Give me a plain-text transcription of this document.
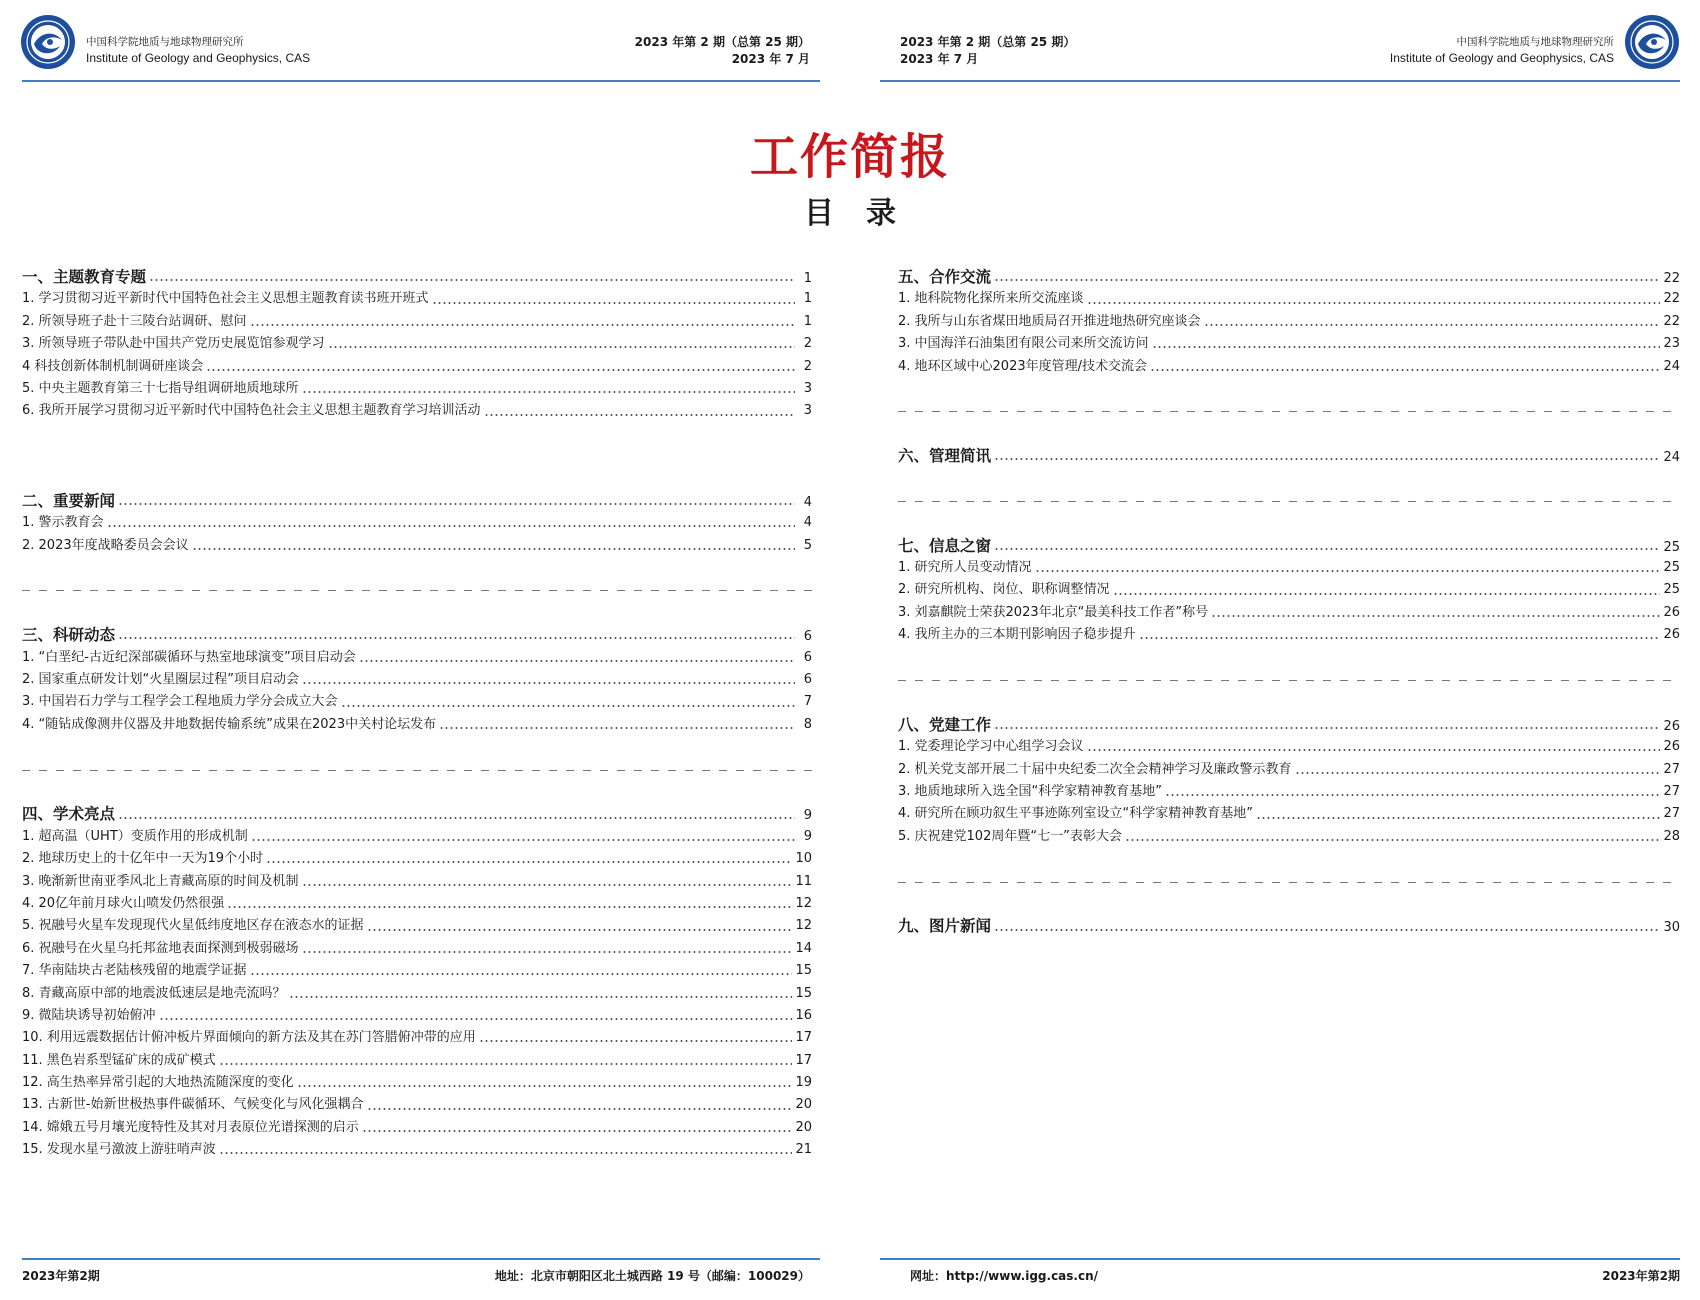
中国科学院地质与地球物理研究所
Institute of Geology and Geophysics, CAS
2023 年第 2 期（总第 25 期）
2023 年 7 月
2023 年第 2 期（总第 25 期）
2023 年 7 月
中国科学院地质与地球物理研究所
Institute of Geology and Geophysics, CAS
工作简报
目 录
一、主题教育专题	1
1. 学习贯彻习近平新时代中国特色社会主义思想主题教育读书班开班式	1
2. 所领导班子赴十三陵台站调研、慰问	1
3. 所领导班子带队赴中国共产党历史展览馆参观学习	2
4 科技创新体制机制调研座谈会	2
5. 中央主题教育第三十七指导组调研地质地球所	3
6. 我所开展学习贯彻习近平新时代中国特色社会主义思想主题教育学习培训活动	3
二、重要新闻	4
1. 警示教育会	4
2. 2023年度战略委员会会议	5
三、科研动态	6
1. “白垩纪-古近纪深部碳循环与热室地球演变”项目启动会	6
2. 国家重点研发计划“火星圈层过程”项目启动会	6
3. 中国岩石力学与工程学会工程地质力学分会成立大会	7
4. “随钻成像测井仪器及井地数据传输系统”成果在2023中关村论坛发布	8
四、学术亮点	9
1. 超高温（UHT）变质作用的形成机制	9
2. 地球历史上的十亿年中一天为19个小时	10
3. 晚渐新世南亚季风北上青藏高原的时间及机制	11
4. 20亿年前月球火山喷发仍然很强	12
5. 祝融号火星车发现现代火星低纬度地区存在液态水的证据	12
6. 祝融号在火星乌托邦盆地表面探测到极弱磁场	14
7. 华南陆块古老陆核残留的地震学证据	15
8. 青藏高原中部的地震波低速层是地壳流吗？	15
9. 微陆块诱导初始俯冲	16
10. 利用远震数据估计俯冲板片界面倾向的新方法及其在苏门答腊俯冲带的应用	17
11. 黑色岩系型锰矿床的成矿模式	17
12. 高生热率异常引起的大地热流随深度的变化	19
13. 古新世-始新世极热事件碳循环、气候变化与风化强耦合	20
14. 嫦娥五号月壤光度特性及其对月表原位光谱探测的启示	20
15. 发现水星弓激波上游驻哨声波	21
五、合作交流	22
1. 地科院物化探所来所交流座谈	22
2. 我所与山东省煤田地质局召开推进地热研究座谈会	22
3. 中国海洋石油集团有限公司来所交流访问	23
4. 地环区域中心2023年度管理/技术交流会	24
六、管理简讯	24
七、信息之窗	25
1. 研究所人员变动情况	25
2. 研究所机构、岗位、职称调整情况	25
3. 刘嘉麒院士荣获2023年北京“最美科技工作者”称号	26
4. 我所主办的三本期刊影响因子稳步提升	26
八、党建工作	26
1. 党委理论学习中心组学习会议	26
2. 机关党支部开展二十届中央纪委二次全会精神学习及廉政警示教育	27
3. 地质地球所入选全国“科学家精神教育基地”	27
4. 研究所在顾功叙生平事迹陈列室设立“科学家精神教育基地”	27
5. 庆祝建党102周年暨“七一”表彰大会	28
九、图片新闻	30
2023年第2期	地址：北京市朝阳区北土城西路 19 号（邮编：100029）	网址：http://www.igg.cas.cn/	2023年第2期
